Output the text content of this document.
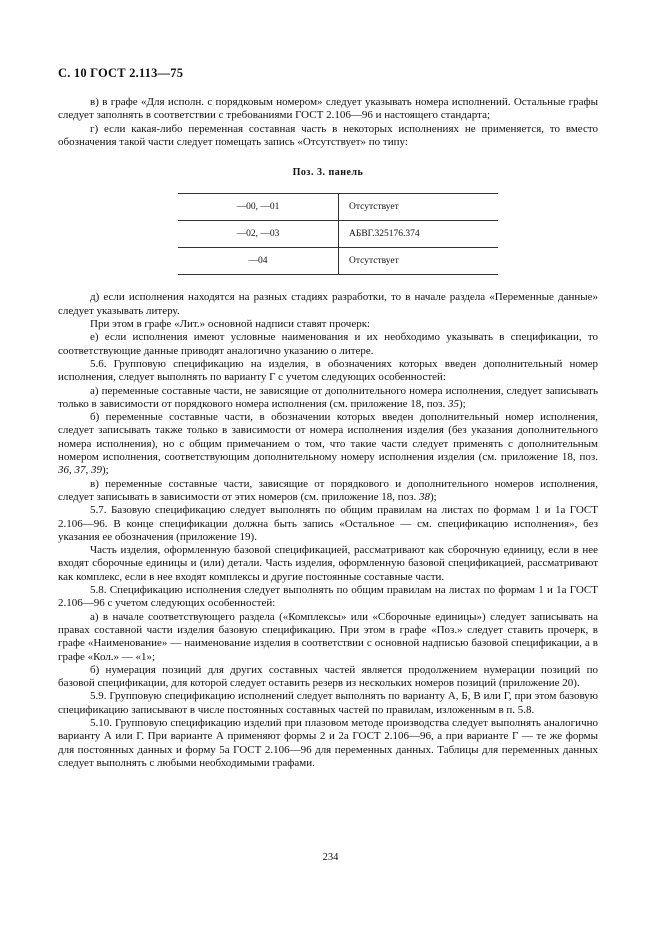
С. 10 ГОСТ 2.113—75

в) в графе «Для исполн. с порядковым номером» следует указывать номера исполнений. Остальные графы следует заполнять в соответствии с требованиями ГОСТ 2.106—96 и настоящего стандарта;

г) если какая-либо переменная составная часть в некоторых исполнениях не применяется, то вместо обозначения такой части следует помещать запись «Отсутствует» по типу:

Поз. 3. панель
—00, —01	Отсутствует
—02, —03	АБВГ.325176.374
—04	Отсутствует

д) если исполнения находятся на разных стадиях разработки, то в начале раздела «Переменные данные» следует указывать литеру.

При этом в графе «Лит.» основной надписи ставят прочерк:

е) если исполнения имеют условные наименования и их необходимо указывать в спецификации, то соответствующие данные приводят аналогично указанию о литере.

5.6. Групповую спецификацию на изделия, в обозначениях которых введен дополнительный номер исполнения, следует выполнять по варианту Г с учетом следующих особенностей:

а) переменные составные части, не зависящие от дополнительного номера исполнения, следует записывать только в зависимости от порядкового номера исполнения (см. приложение 18, поз. 35);

б) переменные составные части, в обозначении которых введен дополнительный номер исполнения, следует записывать также только в зависимости от номера исполнения изделия (без указания дополнительного номера исполнения), но с общим примечанием о том, что такие части следует применять с дополнительным номером исполнения, соответствующим дополнительному номеру исполнения изделия (см. приложение 18, поз. 36, 37, 39);

в) переменные составные части, зависящие от порядкового и дополнительного номеров исполнения, следует записывать в зависимости от этих номеров (см. приложение 18, поз. 38);

5.7. Базовую спецификацию следует выполнять по общим правилам на листах по формам 1 и 1а ГОСТ 2.106—96. В конце спецификации должна быть запись «Остальное — см. спецификацию исполнения», без указания ее обозначения (приложение 19).

Часть изделия, оформленную базовой спецификацией, рассматривают как сборочную единицу, если в нее входят сборочные единицы и (или) детали. Часть изделия, оформленную базовой спецификацией, рассматривают как комплекс, если в нее входят комплексы и другие постоянные составные части.

5.8. Спецификацию исполнения следует выполнять по общим правилам на листах по формам 1 и 1а ГОСТ 2.106—96 с учетом следующих особенностей:

а) в начале соответствующего раздела («Комплексы» или «Сборочные единицы») следует записывать на правах составной части изделия базовую спецификацию. При этом в графе «Поз.» следует ставить прочерк, в графе «Наименование» — наименование изделия в соответствии с основной надписью базовой спецификации, а в графе «Кол.» — «1»;

б) нумерация позиций для других составных частей является продолжением нумерации позиций по базовой спецификации, для которой следует оставить резерв из нескольких номеров позиций (приложение 20).

5.9. Групповую спецификацию исполнений следует выполнять по варианту А, Б, В или Г, при этом базовую спецификацию записывают в числе постоянных составных частей по правилам, изложенным в п. 5.8.

5.10. Групповую спецификацию изделий при плазовом методе производства следует выполнять аналогично варианту А или Г. При варианте А применяют формы 2 и 2а ГОСТ 2.106—96, а при варианте Г — те же формы для постоянных данных и форму 5а ГОСТ 2.106—96 для переменных данных. Таблицы для переменных данных следует выполнять с любыми необходимыми графами.

234
